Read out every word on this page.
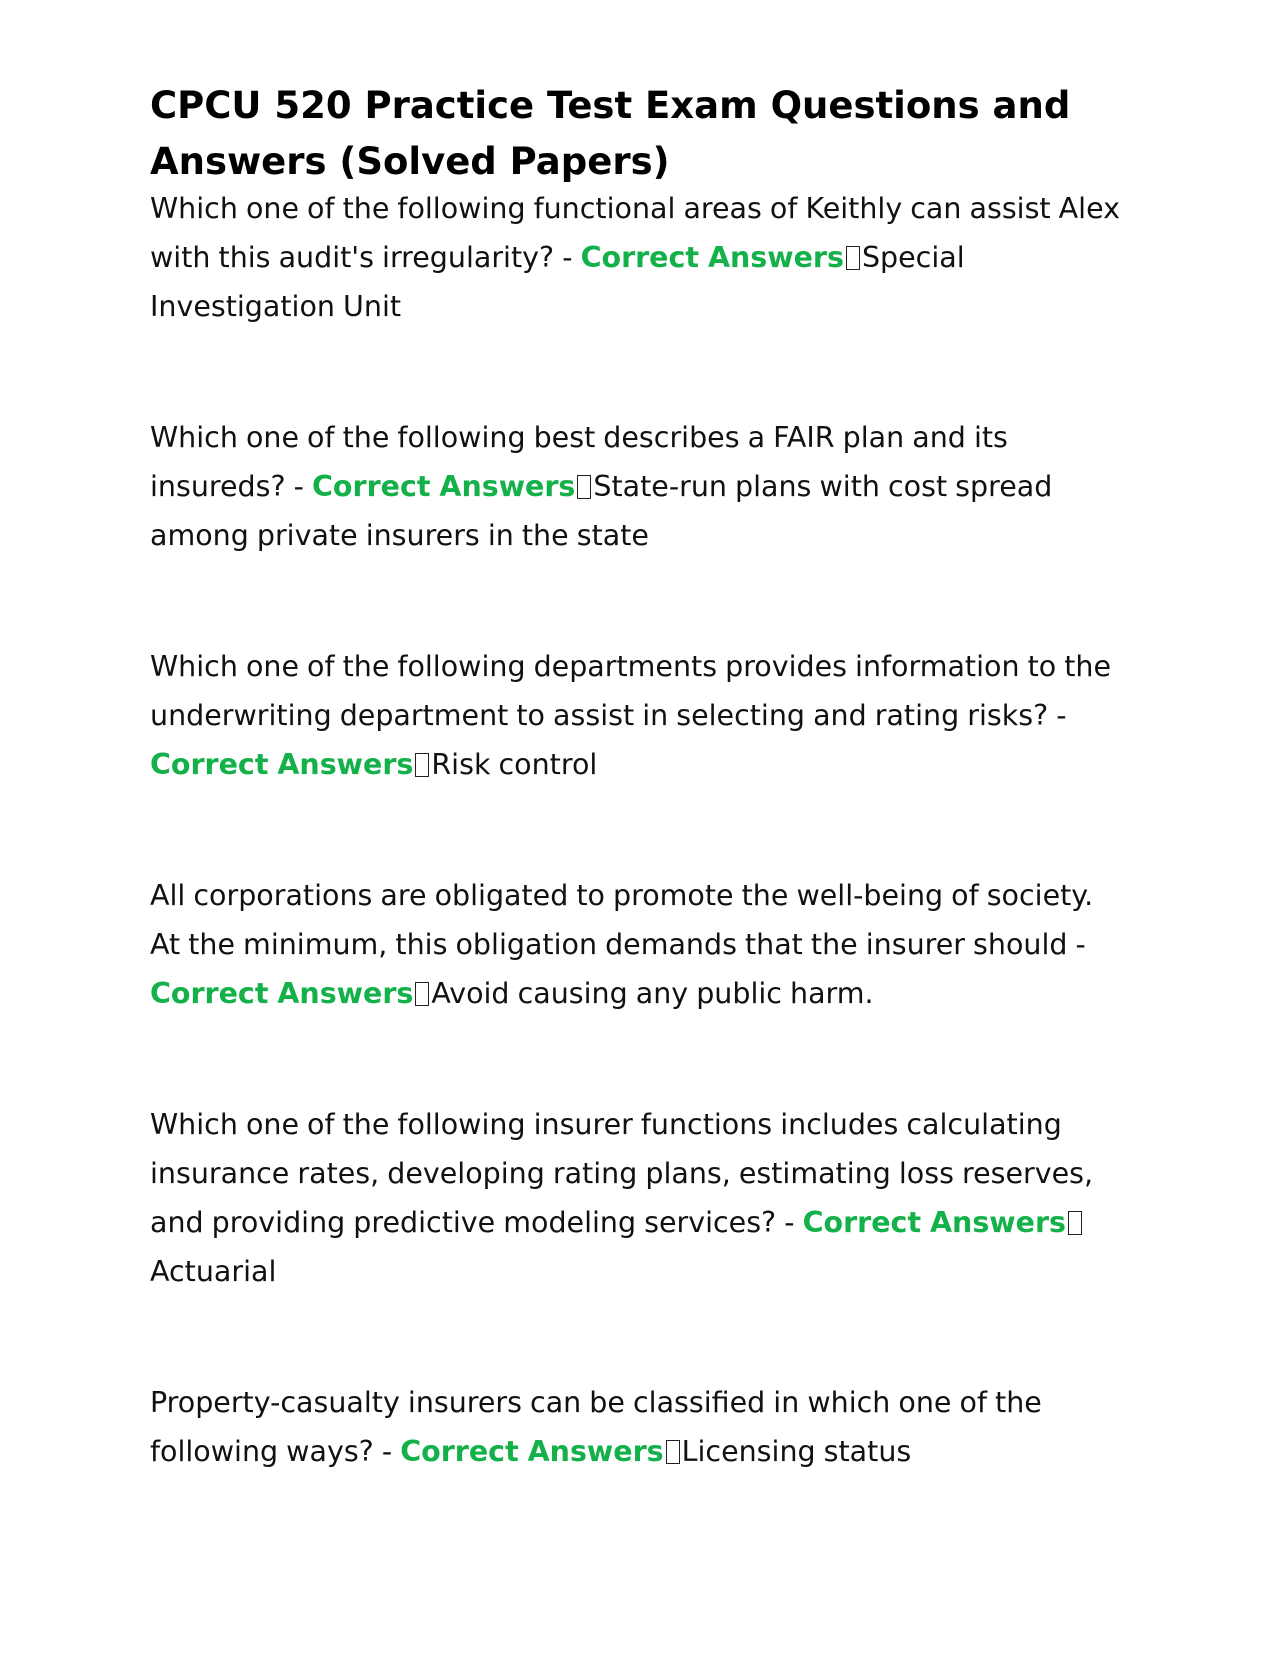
CPCU 520 Practice Test Exam Questions and Answers (Solved Papers)

Which one of the following functional areas of Keithly can assist Alex with this audit's irregularity? - Correct Answers Special Investigation Unit

Which one of the following best describes a FAIR plan and its insureds? - Correct Answers State-run plans with cost spread among private insurers in the state

Which one of the following departments provides information to the underwriting department to assist in selecting and rating risks? - Correct Answers Risk control

All corporations are obligated to promote the well-being of society. At the minimum, this obligation demands that the insurer should - Correct Answers Avoid causing any public harm.

Which one of the following insurer functions includes calculating insurance rates, developing rating plans, estimating loss reserves, and providing predictive modeling services? - Correct AnswersActuarial

Property-casualty insurers can be classified in which one of the following ways? - Correct Answers Licensing status
